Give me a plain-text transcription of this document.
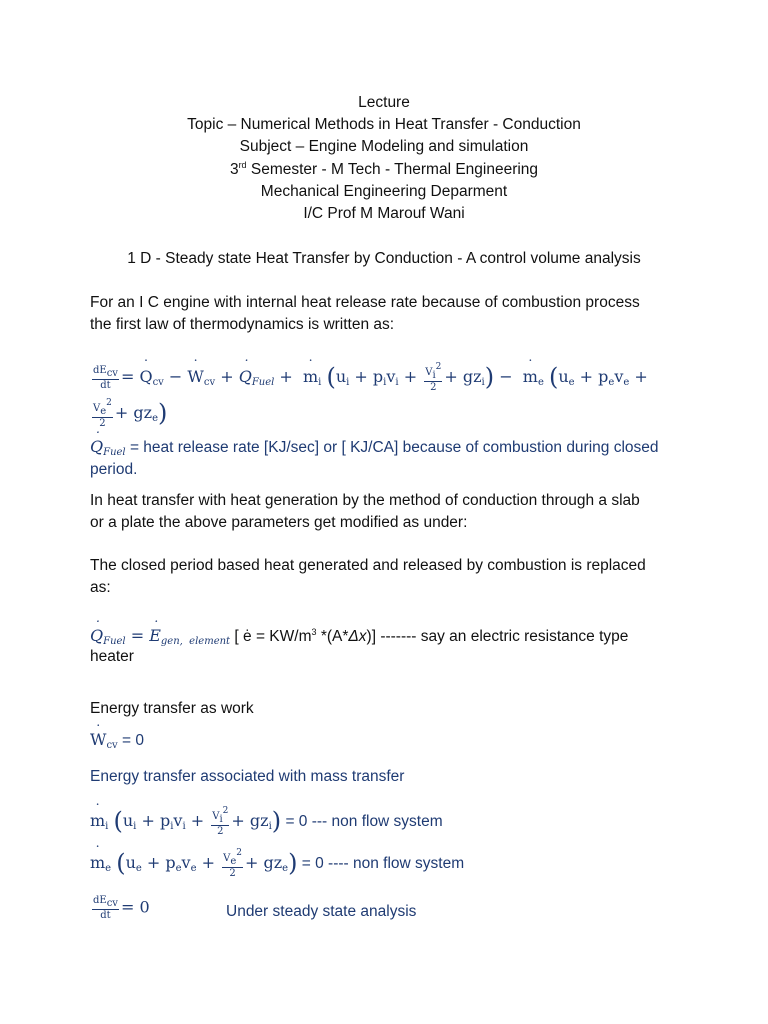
Lecture
Topic – Numerical Methods in Heat Transfer - Conduction
Subject – Engine Modeling and simulation
3rd Semester - M Tech - Thermal Engineering
Mechanical Engineering Deparment
I/C Prof M Marouf Wani
1 D - Steady state Heat Transfer by Conduction - A control volume analysis
For an I C engine with internal heat release rate because of combustion process
the first law of thermodynamics is written as:
$\frac{dE_{cv}}{dt}$ = ˙ $Q_{cv}$ − ˙ $W_{cv}$ + ˙ $Q_{Fuel}$ +  ˙ $m_i$ $(u_i + p_iv_i + \frac{V_i^2}{2} + gz_i)$ −  ˙ $m_e$ ($u_e + p_ev_e$ +
$\frac{V_e^2}{2} + gz_e$)
˙ $Q_{Fuel}$ = heat release rate [KJ/sec] or [ KJ/CA] because of combustion during closed
period.
In heat transfer with heat generation by the method of conduction through a slab
or a plate the above parameters get modified as under:
The closed period based heat generated and released by combustion is replaced
as:
˙ $Q_{Fuel}$ = ˙ $E_{gen, element}$ [ ė = $KW/m^3$ *(A*Δx)] ------- say an electric resistance type
heater
Energy transfer as work
˙ $W_{cv} = 0$
Energy transfer associated with mass transfer
˙ $m_i$ $(u_i + p_iv_i + \frac{V_i^2}{2} + gz_i) = 0$ --- non flow system
˙ $m_e$ $(u_e + p_ev_e + \frac{V_e^2}{2} + gz_e) = 0$ ---- non flow system
$\frac{dE_{cv}}{dt} = 0$	Under steady state analysis
